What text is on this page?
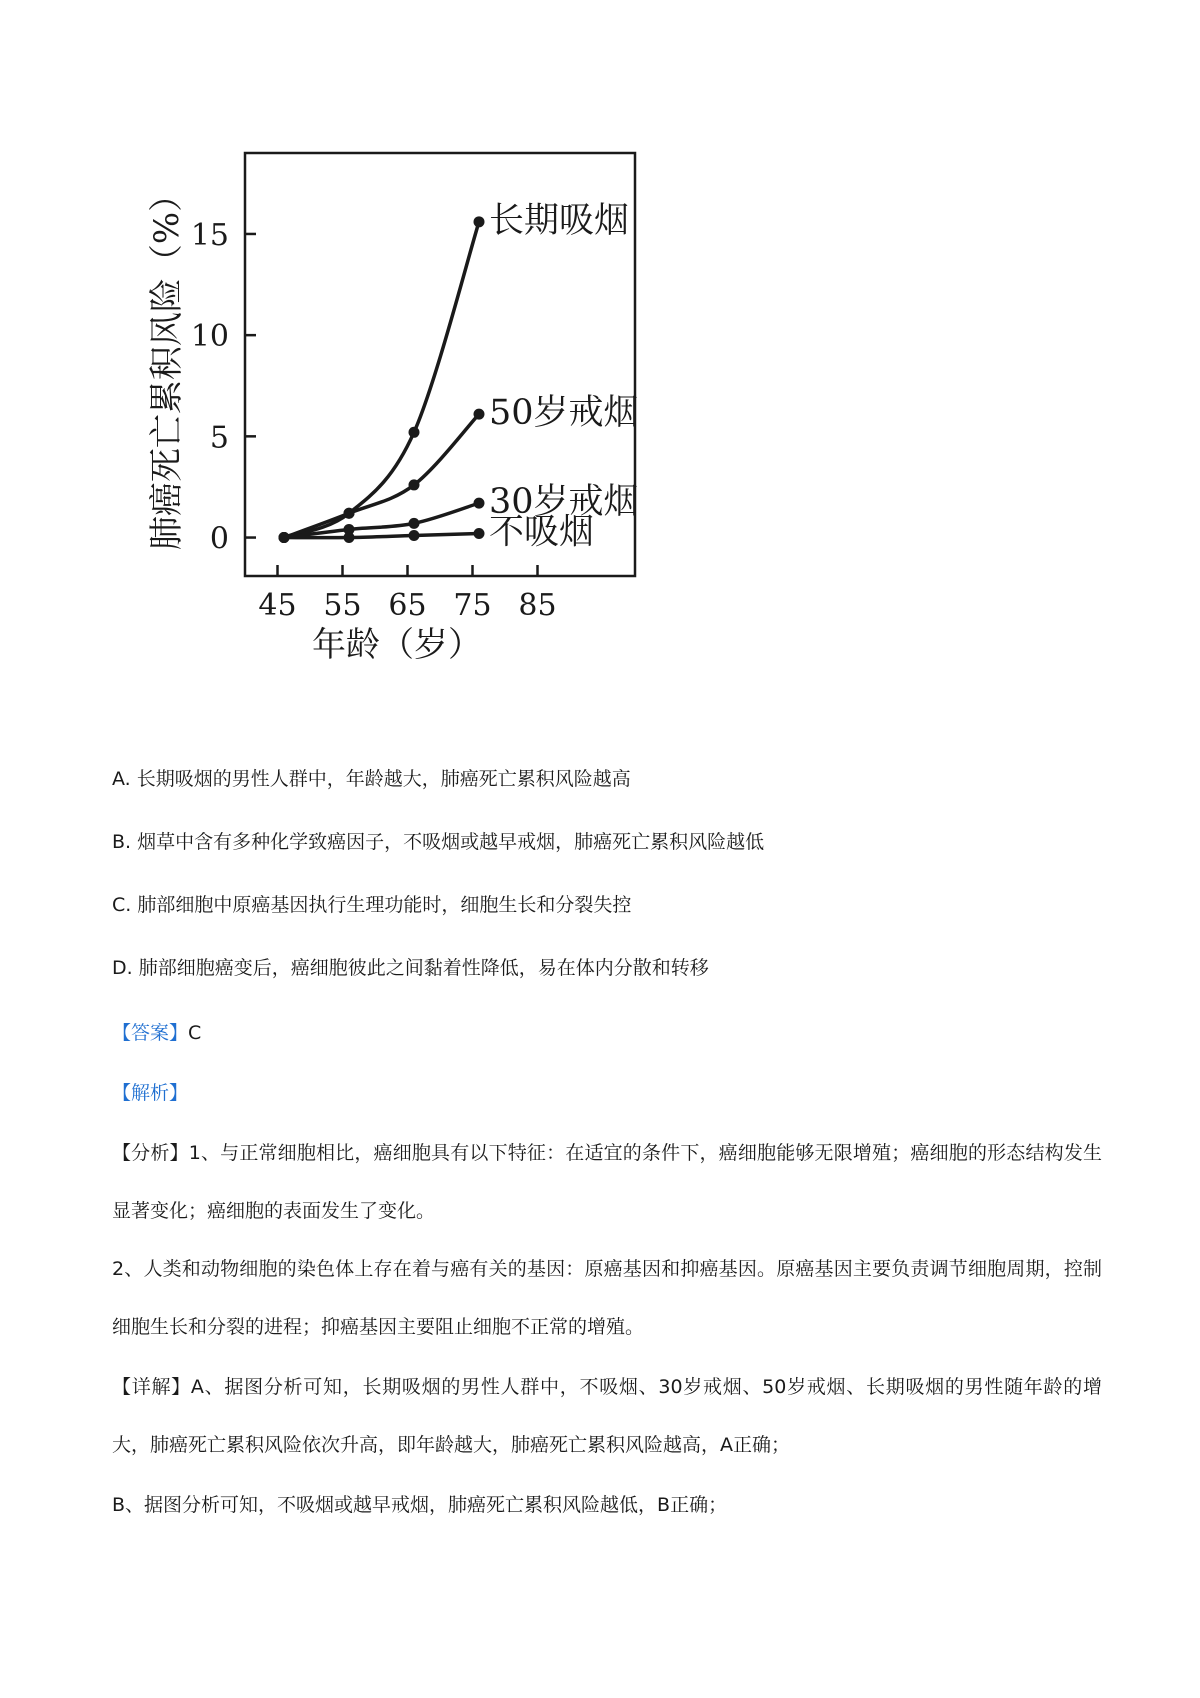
0
5
10
15
45 55 65 75 85
长期吸烟
50岁戒烟
30岁戒烟
不吸烟
肺癌死亡累积风险（%）
年龄（岁）
A. 长期吸烟的男性人群中，年龄越大，肺癌死亡累积风险越高
B. 烟草中含有多种化学致癌因子，不吸烟或越早戒烟，肺癌死亡累积风险越低
C. 肺部细胞中原癌基因执行生理功能时，细胞生长和分裂失控
D. 肺部细胞癌变后，癌细胞彼此之间黏着性降低，易在体内分散和转移
【答案】C
【解析】
【分析】1、与正常细胞相比，癌细胞具有以下特征：在适宜的条件下，癌细胞能够无限增殖；癌细胞的形态结构发生显著变化；癌细胞的表面发生了变化。
2、人类和动物细胞的染色体上存在着与癌有关的基因：原癌基因和抑癌基因。原癌基因主要负责调节细胞周期，控制细胞生长和分裂的进程；抑癌基因主要阻止细胞不正常的增殖。
【详解】A、据图分析可知，长期吸烟的男性人群中，不吸烟、30岁戒烟、50岁戒烟、长期吸烟的男性随年龄的增大，肺癌死亡累积风险依次升高，即年龄越大，肺癌死亡累积风险越高，A正确；
B、据图分析可知，不吸烟或越早戒烟，肺癌死亡累积风险越低，B正确；
